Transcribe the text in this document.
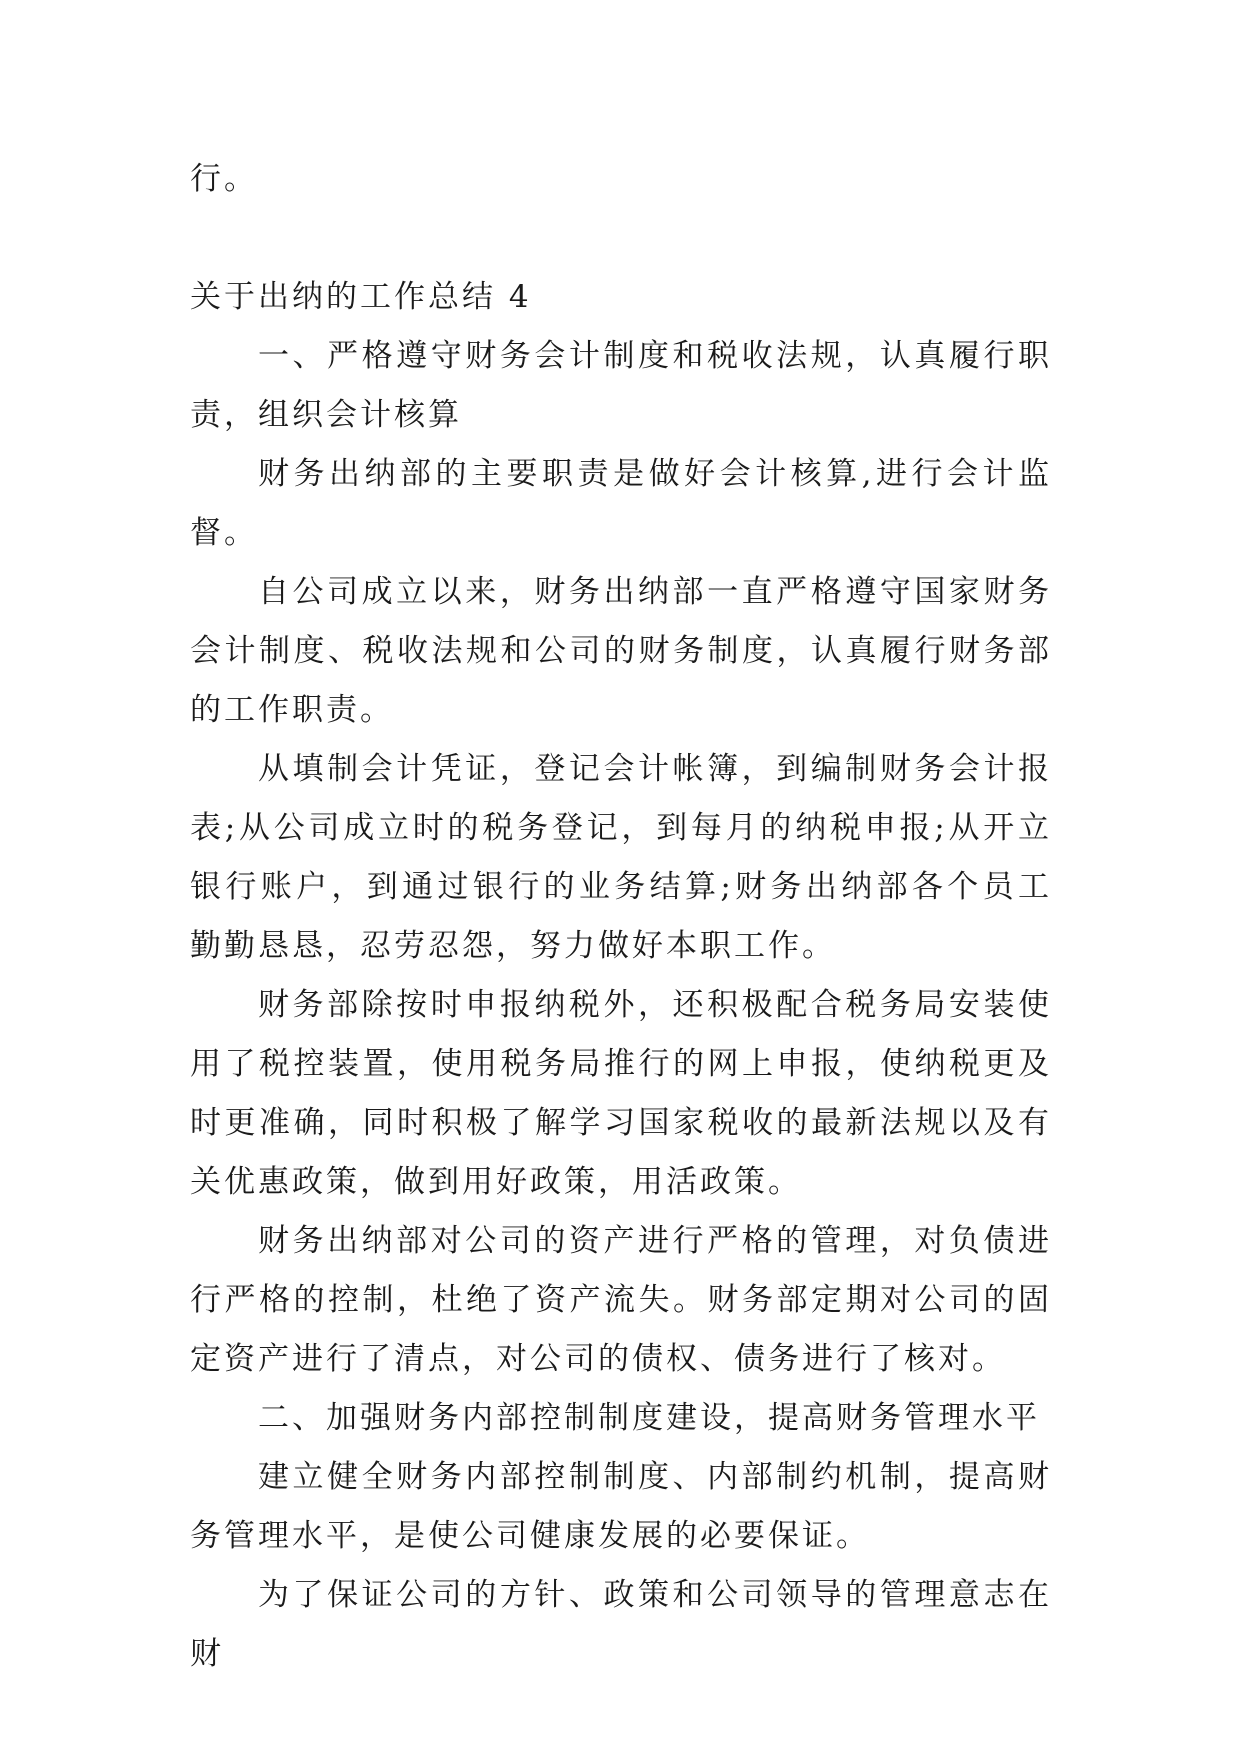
行。

关于出纳的工作总结 4

一、严格遵守财务会计制度和税收法规，认真履行职责，组织会计核算

财务出纳部的主要职责是做好会计核算,进行会计监督。

自公司成立以来，财务出纳部一直严格遵守国家财务会计制度、税收法规和公司的财务制度，认真履行财务部的工作职责。

从填制会计凭证，登记会计帐簿，到编制财务会计报表;从公司成立时的税务登记，到每月的纳税申报;从开立银行账户，到通过银行的业务结算;财务出纳部各个员工勤勤恳恳，忍劳忍怨，努力做好本职工作。

财务部除按时申报纳税外，还积极配合税务局安装使用了税控装置，使用税务局推行的网上申报，使纳税更及时更准确，同时积极了解学习国家税收的最新法规以及有关优惠政策，做到用好政策，用活政策。

财务出纳部对公司的资产进行严格的管理，对负债进行严格的控制，杜绝了资产流失。财务部定期对公司的固定资产进行了清点，对公司的债权、债务进行了核对。

二、加强财务内部控制制度建设，提高财务管理水平

建立健全财务内部控制制度、内部制约机制，提高财务管理水平，是使公司健康发展的必要保证。

为了保证公司的方针、政策和公司领导的管理意志在财
